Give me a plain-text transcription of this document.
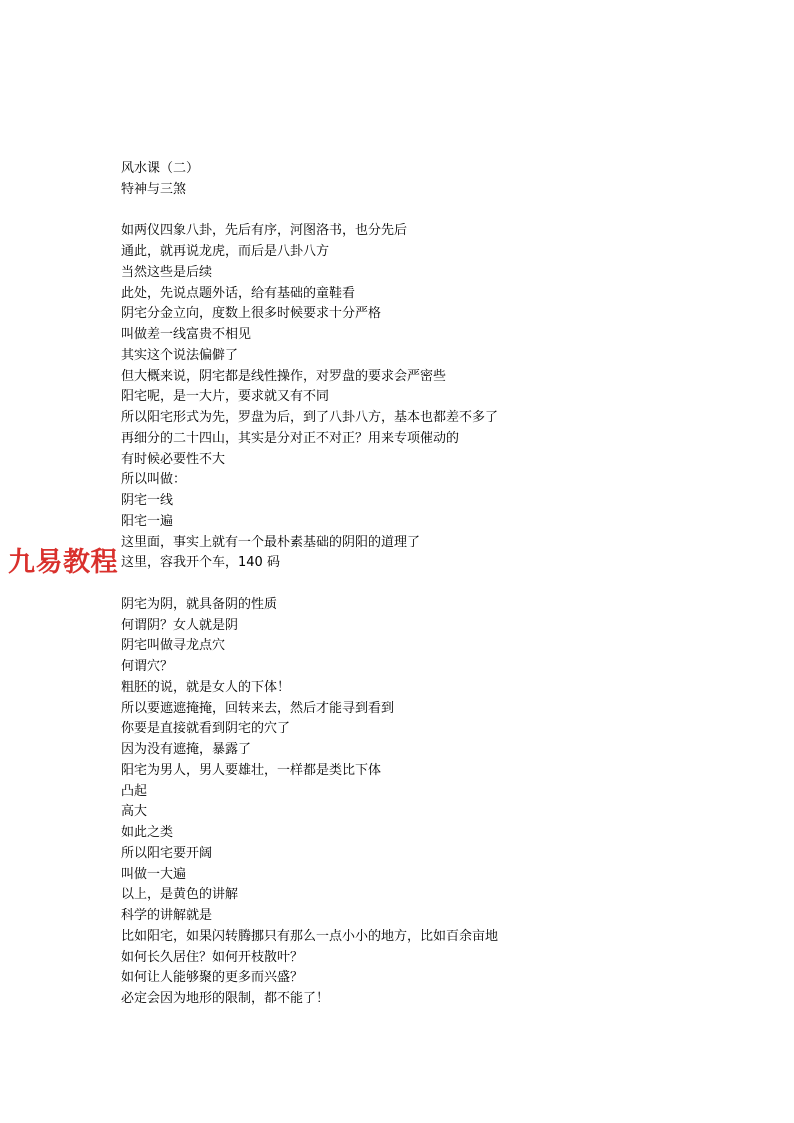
风水课（二）
特神与三煞
如两仪四象八卦，先后有序，河图洛书，也分先后
通此，就再说龙虎，而后是八卦八方
当然这些是后续
此处，先说点题外话，给有基础的童鞋看
阴宅分金立向，度数上很多时候要求十分严格
叫做差一线富贵不相见
其实这个说法偏僻了
但大概来说，阴宅都是线性操作，对罗盘的要求会严密些
阳宅呢，是一大片，要求就又有不同
所以阳宅形式为先，罗盘为后，到了八卦八方，基本也都差不多了
再细分的二十四山，其实是分对正不对正？用来专项催动的
有时候必要性不大
所以叫做：
阴宅一线
阳宅一遍
这里面，事实上就有一个最朴素基础的阴阳的道理了
这里，容我开个车，140 码
阴宅为阴，就具备阴的性质
何谓阴？女人就是阴
阴宅叫做寻龙点穴
何谓穴？
粗胚的说，就是女人的下体！
所以要遮遮掩掩，回转来去，然后才能寻到看到
你要是直接就看到阴宅的穴了
因为没有遮掩，暴露了
阳宅为男人，男人要雄壮，一样都是类比下体
凸起
高大
如此之类
所以阳宅要开阔
叫做一大遍
以上，是黄色的讲解
科学的讲解就是
比如阳宅，如果闪转腾挪只有那么一点小小的地方，比如百余亩地
如何长久居住？如何开枝散叶？
如何让人能够聚的更多而兴盛？
必定会因为地形的限制，都不能了！
九易教程
